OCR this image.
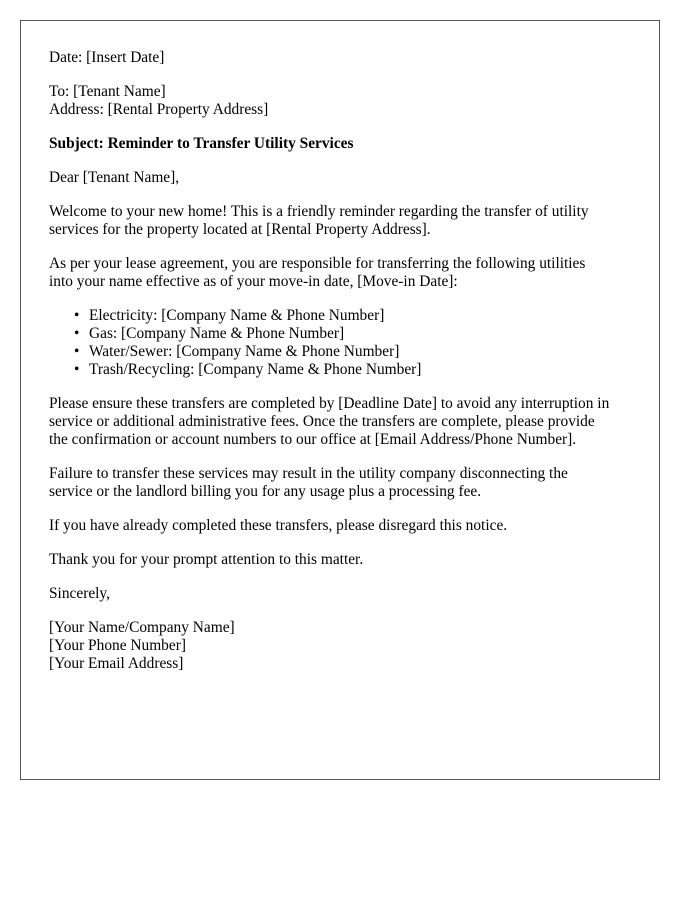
Date: [Insert Date]
To: [Tenant Name]
Address: [Rental Property Address]
Subject: Reminder to Transfer Utility Services
Dear [Tenant Name],
Welcome to your new home! This is a friendly reminder regarding the transfer of utility
services for the property located at [Rental Property Address].
As per your lease agreement, you are responsible for transferring the following utilities
into your name effective as of your move-in date, [Move-in Date]:
• Electricity: [Company Name & Phone Number]
• Gas: [Company Name & Phone Number]
• Water/Sewer: [Company Name & Phone Number]
• Trash/Recycling: [Company Name & Phone Number]
Please ensure these transfers are completed by [Deadline Date] to avoid any interruption in
service or additional administrative fees. Once the transfers are complete, please provide
the confirmation or account numbers to our office at [Email Address/Phone Number].
Failure to transfer these services may result in the utility company disconnecting the
service or the landlord billing you for any usage plus a processing fee.
If you have already completed these transfers, please disregard this notice.
Thank you for your prompt attention to this matter.
Sincerely,
[Your Name/Company Name]
[Your Phone Number]
[Your Email Address]
